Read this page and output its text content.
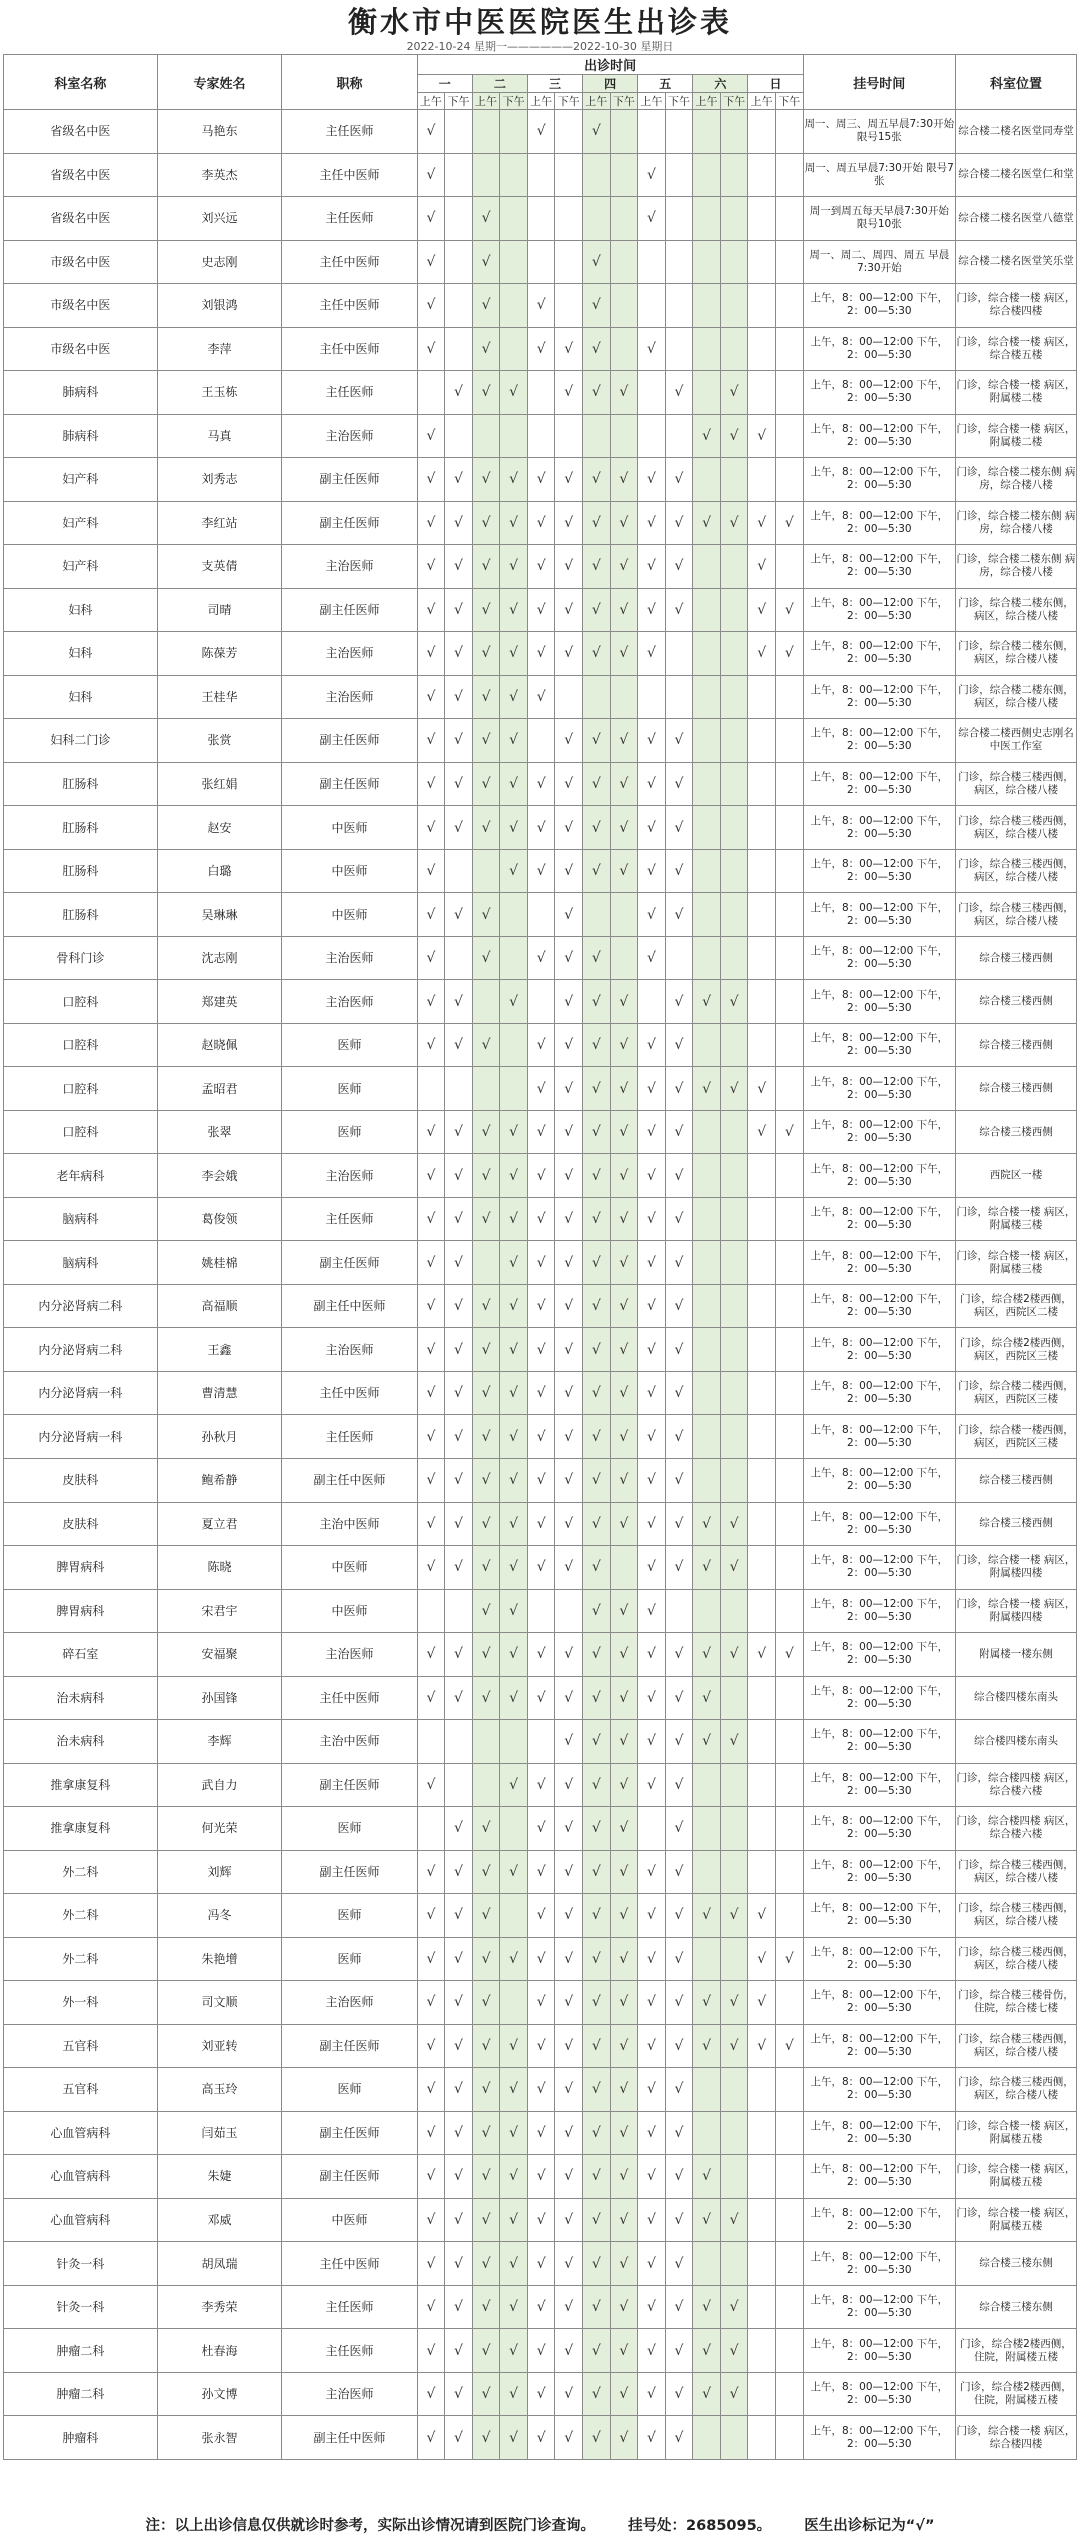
衡水市中医医院医生出诊表
2022-10-24 星期一——————2022-10-30 星期日
科室名称	专家姓名	职称	出诊时间														挂号时间	科室位置
			一		二		三		四		五		六		日			
			上午	下午	上午	下午	上午	下午	上午	下午	上午	下午	上午	下午	上午	下午		
省级名中医	马艳东	主任医师	√				√		√								周一、周三、周五早晨7:30开始 限号15张	综合楼二楼名医堂同寿堂
省级名中医	李英杰	主任中医师	√								√						周一、周五早晨7:30开始 限号7张	综合楼二楼名医堂仁和堂
省级名中医	刘兴远	主任医师	√		√						√						周一到周五每天早晨7:30开始 限号10张	综合楼二楼名医堂八德堂
市级名中医	史志刚	主任中医师	√		√				√								周一、周二、周四、周五 早晨7:30开始	综合楼二楼名医堂笑乐堂
市级名中医	刘银鸿	主任中医师	√		√		√		√								上午，8：00—12:00 下午，2：00—5:30	门诊，综合楼一楼 病区，综合楼四楼
市级名中医	李萍	主任中医师	√		√		√	√	√		√						上午，8：00—12:00 下午，2：00—5:30	门诊，综合楼一楼 病区，综合楼五楼
肺病科	王玉栋	主任医师		√	√	√		√	√	√		√		√			上午，8：00—12:00 下午，2：00—5:30	门诊，综合楼一楼 病区，附属楼二楼
肺病科	马真	主治医师	√										√	√	√		上午，8：00—12:00 下午，2：00—5:30	门诊，综合楼一楼 病区，附属楼二楼
妇产科	刘秀志	副主任医师	√	√	√	√	√	√	√	√	√	√					上午，8：00—12:00 下午，2：00—5:30	门诊，综合楼二楼东侧 病房，综合楼八楼
妇产科	李红站	副主任医师	√	√	√	√	√	√	√	√	√	√	√	√	√	√	上午，8：00—12:00 下午，2：00—5:30	门诊，综合楼二楼东侧 病房，综合楼八楼
妇产科	支英倩	主治医师	√	√	√	√	√	√	√	√	√	√			√		上午，8：00—12:00 下午，2：00—5:30	门诊，综合楼二楼东侧 病房，综合楼八楼
妇科	司晴	副主任医师	√	√	√	√	√	√	√	√	√	√			√	√	上午，8：00—12:00 下午，2：00—5:30	门诊，综合楼二楼东侧，病区，综合楼八楼
妇科	陈葆芳	主治医师	√	√	√	√	√	√	√	√	√				√	√	上午，8：00—12:00 下午，2：00—5:30	门诊，综合楼二楼东侧，病区，综合楼八楼
妇科	王桂华	主治医师	√	√	√	√	√										上午，8：00—12:00 下午，2：00—5:30	门诊，综合楼二楼东侧，病区，综合楼八楼
妇科二门诊	张赏	副主任医师	√	√	√	√		√	√	√	√	√					上午，8：00—12:00 下午，2：00—5:30	综合楼二楼西侧史志刚名中医工作室
肛肠科	张红娟	副主任医师	√	√	√	√	√	√	√	√	√	√					上午，8：00—12:00 下午，2：00—5:30	门诊，综合楼三楼西侧，病区，综合楼八楼
肛肠科	赵安	中医师	√	√	√	√	√	√	√	√	√	√					上午，8：00—12:00 下午，2：00—5:30	门诊，综合楼三楼西侧，病区，综合楼八楼
肛肠科	白璐	中医师	√			√	√	√	√	√	√	√					上午，8：00—12:00 下午，2：00—5:30	门诊，综合楼三楼西侧，病区，综合楼八楼
肛肠科	吴琳琳	中医师	√	√	√			√			√	√					上午，8：00—12:00 下午，2：00—5:30	门诊，综合楼三楼西侧，病区，综合楼八楼
骨科门诊	沈志刚	主治医师	√		√		√	√	√		√						上午，8：00—12:00 下午，2：00—5:30	综合楼三楼西侧
口腔科	郑建英	主治医师	√	√		√		√	√	√		√	√	√			上午，8：00—12:00 下午，2：00—5:30	综合楼三楼西侧
口腔科	赵晓佩	医师	√	√	√		√	√	√	√	√	√					上午，8：00—12:00 下午，2：00—5:30	综合楼三楼西侧
口腔科	孟昭君	医师					√	√	√	√	√	√	√	√	√		上午，8：00—12:00 下午，2：00—5:30	综合楼三楼西侧
口腔科	张翠	医师	√	√	√	√	√	√	√	√	√	√			√	√	上午，8：00—12:00 下午，2：00—5:30	综合楼三楼西侧
老年病科	李会娥	主治医师	√	√	√	√	√	√	√	√	√	√					上午，8：00—12:00 下午，2：00—5:30	西院区一楼
脑病科	葛俊领	主任医师	√	√	√	√	√	√	√	√	√	√					上午，8：00—12:00 下午，2：00—5:30	门诊，综合楼一楼 病区，附属楼三楼
脑病科	姚桂棉	副主任医师	√	√		√	√	√	√	√	√	√					上午，8：00—12:00 下午，2：00—5:30	门诊，综合楼一楼 病区，附属楼三楼
内分泌肾病二科	高福顺	副主任中医师	√	√	√	√	√	√	√	√	√	√					上午，8：00—12:00 下午，2：00—5:30	门诊，综合楼2楼西侧，病区，西院区二楼
内分泌肾病二科	王鑫	主治医师	√	√	√	√	√	√	√	√	√	√					上午，8：00—12:00 下午，2：00—5:30	门诊，综合楼2楼西侧，病区，西院区三楼
内分泌肾病一科	曹清慧	主任中医师	√	√	√	√	√	√	√	√	√	√					上午，8：00—12:00 下午，2：00—5:30	门诊，综合楼二楼西侧，病区，西院区三楼
内分泌肾病一科	孙秋月	主任医师	√	√	√	√	√	√	√	√	√	√					上午，8：00—12:00 下午，2：00—5:30	门诊，综合楼一楼西侧，病区，西院区三楼
皮肤科	鲍希静	副主任中医师	√	√	√	√	√	√	√	√	√	√					上午，8：00—12:00 下午，2：00—5:30	综合楼三楼西侧
皮肤科	夏立君	主治中医师	√	√	√	√	√	√	√	√	√	√	√	√			上午，8：00—12:00 下午，2：00—5:30	综合楼三楼西侧
脾胃病科	陈晓	中医师	√	√	√	√	√	√	√		√	√	√	√			上午，8：00—12:00 下午，2：00—5:30	门诊，综合楼一楼 病区，附属楼四楼
脾胃病科	宋君宇	中医师			√	√			√	√	√						上午，8：00—12:00 下午，2：00—5:30	门诊，综合楼一楼 病区，附属楼四楼
碎石室	安福聚	主治医师	√	√	√	√	√	√	√	√	√	√	√	√	√	√	上午，8：00—12:00 下午，2：00—5:30	附属楼一楼东侧
治未病科	孙国锋	主任中医师	√	√	√	√	√	√	√	√	√	√	√				上午，8：00—12:00 下午，2：00—5:30	综合楼四楼东南头
治未病科	李辉	主治中医师						√	√	√	√	√	√	√			上午，8：00—12:00 下午，2：00—5:30	综合楼四楼东南头
推拿康复科	武自力	副主任医师	√			√	√	√	√	√	√	√					上午，8：00—12:00 下午，2：00—5:30	门诊，综合楼四楼 病区，综合楼六楼
推拿康复科	何光荣	医师		√	√		√	√	√	√		√					上午，8：00—12:00 下午，2：00—5:30	门诊，综合楼四楼 病区，综合楼六楼
外二科	刘辉	副主任医师	√	√	√	√	√	√	√	√	√	√					上午，8：00—12:00 下午，2：00—5:30	门诊，综合楼三楼西侧，病区，综合楼八楼
外二科	冯冬	医师	√	√	√		√	√	√	√	√	√	√	√	√		上午，8：00—12:00 下午，2：00—5:30	门诊，综合楼三楼西侧，病区，综合楼八楼
外二科	朱艳增	医师	√	√	√	√	√	√	√	√	√	√			√	√	上午，8：00—12:00 下午，2：00—5:30	门诊，综合楼三楼西侧，病区，综合楼八楼
外一科	司文顺	主治医师	√	√	√		√	√	√	√	√	√	√	√	√		上午，8：00—12:00 下午，2：00—5:30	门诊，综合楼三楼骨伤，住院，综合楼七楼
五官科	刘亚转	副主任医师	√	√	√	√	√	√	√	√	√	√	√	√	√	√	上午，8：00—12:00 下午，2：00—5:30	门诊，综合楼三楼西侧，病区，综合楼八楼
五官科	高玉玲	医师	√	√	√	√	√	√	√	√	√	√					上午，8：00—12:00 下午，2：00—5:30	门诊，综合楼三楼西侧，病区，综合楼八楼
心血管病科	闫茹玉	副主任医师	√	√	√	√	√	√	√	√	√	√					上午，8：00—12:00 下午，2：00—5:30	门诊，综合楼一楼 病区，附属楼五楼
心血管病科	朱婕	副主任医师	√	√	√	√	√	√	√	√	√	√	√				上午，8：00—12:00 下午，2：00—5:30	门诊，综合楼一楼 病区，附属楼五楼
心血管病科	邓威	中医师	√	√	√	√	√	√	√	√	√	√	√	√			上午，8：00—12:00 下午，2：00—5:30	门诊，综合楼一楼 病区，附属楼五楼
针灸一科	胡凤瑞	主任中医师	√	√	√	√	√	√	√	√	√	√					上午，8：00—12:00 下午，2：00—5:30	综合楼三楼东侧
针灸一科	李秀荣	主任医师	√	√	√	√	√	√	√	√	√	√	√	√			上午，8：00—12:00 下午，2：00—5:30	综合楼三楼东侧
肿瘤二科	杜春海	主任医师	√	√	√	√	√	√	√	√	√	√	√	√			上午，8：00—12:00 下午，2：00—5:30	门诊，综合楼2楼西侧，住院，附属楼五楼
肿瘤二科	孙文博	主治医师	√	√	√	√	√	√	√	√	√	√	√	√			上午，8：00—12:00 下午，2：00—5:30	门诊，综合楼2楼西侧，住院，附属楼五楼
肿瘤科	张永智	副主任中医师	√	√	√	√	√	√	√	√	√	√					上午，8：00—12:00 下午，2：00—5:30	门诊，综合楼一楼 病区，综合楼四楼
注：以上出诊信息仅供就诊时参考，实际出诊情况请到医院门诊查询。 挂号处：2685095。 医生出诊标记为“√”
